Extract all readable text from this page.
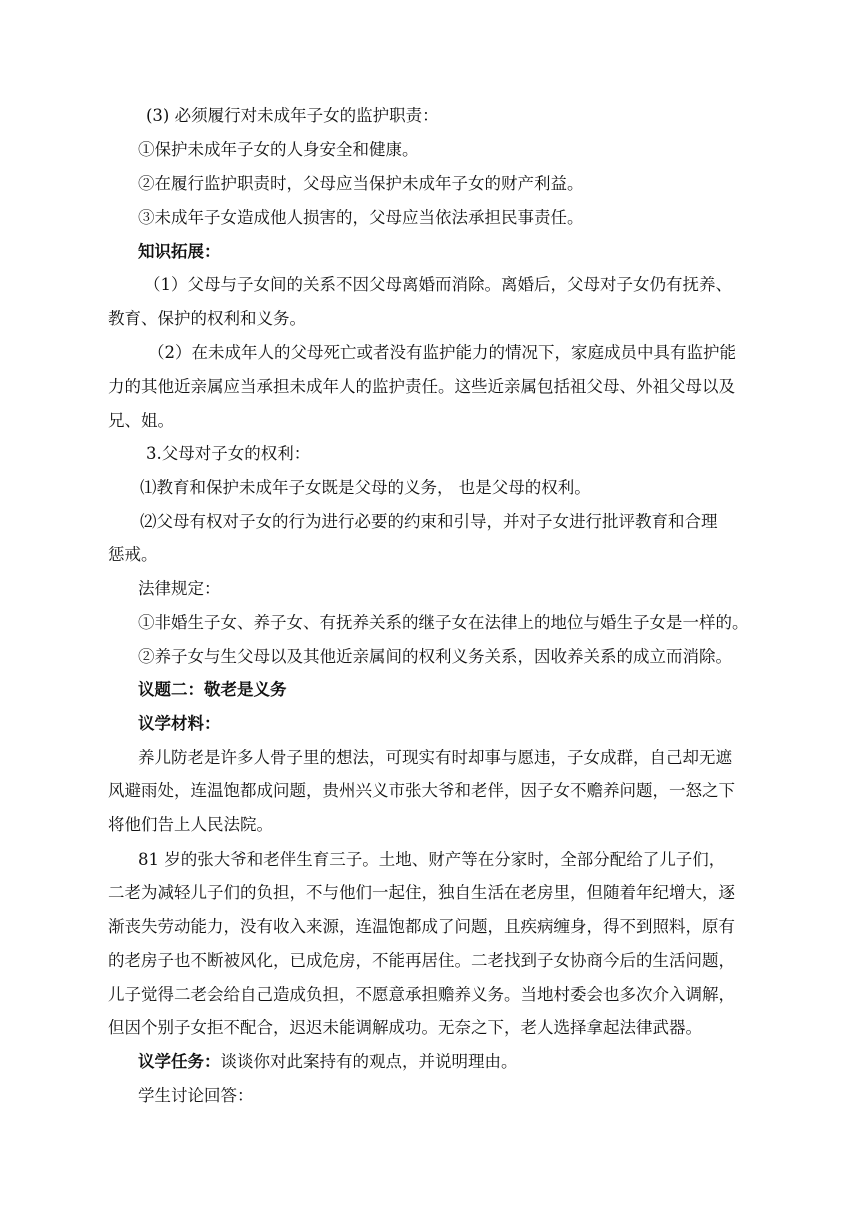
(3) 必须履行对未成年子女的监护职责：
①保护未成年子女的人身安全和健康。
②在履行监护职责时，父母应当保护未成年子女的财产利益。
③未成年子女造成他人损害的，父母应当依法承担民事责任。
知识拓展：
（1）父母与子女间的关系不因父母离婚而消除。离婚后，父母对子女仍有抚养、
教育、保护的权利和义务。
（2）在未成年人的父母死亡或者没有监护能力的情况下，家庭成员中具有监护能
力的其他近亲属应当承担未成年人的监护责任。这些近亲属包括祖父母、外祖父母以及
兄、姐。
3.父母对子女的权利：
⑴教育和保护未成年子女既是父母的义务， 也是父母的权利。
⑵父母有权对子女的行为进行必要的约束和引导，并对子女进行批评教育和合理
惩戒。
法律规定：
①非婚生子女、养子女、有抚养关系的继子女在法律上的地位与婚生子女是一样的。
②养子女与生父母以及其他近亲属间的权利义务关系，因收养关系的成立而消除。
议题二：敬老是义务
议学材料：
养儿防老是许多人骨子里的想法，可现实有时却事与愿违，子女成群，自己却无遮
风避雨处，连温饱都成问题，贵州兴义市张大爷和老伴，因子女不赡养问题，一怒之下
将他们告上人民法院。
81 岁的张大爷和老伴生育三子。土地、财产等在分家时，全部分配给了儿子们，
二老为减轻儿子们的负担，不与他们一起住，独自生活在老房里，但随着年纪增大，逐
渐丧失劳动能力，没有收入来源，连温饱都成了问题，且疾病缠身，得不到照料，原有
的老房子也不断被风化，已成危房，不能再居住。二老找到子女协商今后的生活问题，
儿子觉得二老会给自己造成负担，不愿意承担赡养义务。当地村委会也多次介入调解，
但因个别子女拒不配合，迟迟未能调解成功。无奈之下，老人选择拿起法律武器。
议学任务：谈谈你对此案持有的观点，并说明理由。
学生讨论回答：
